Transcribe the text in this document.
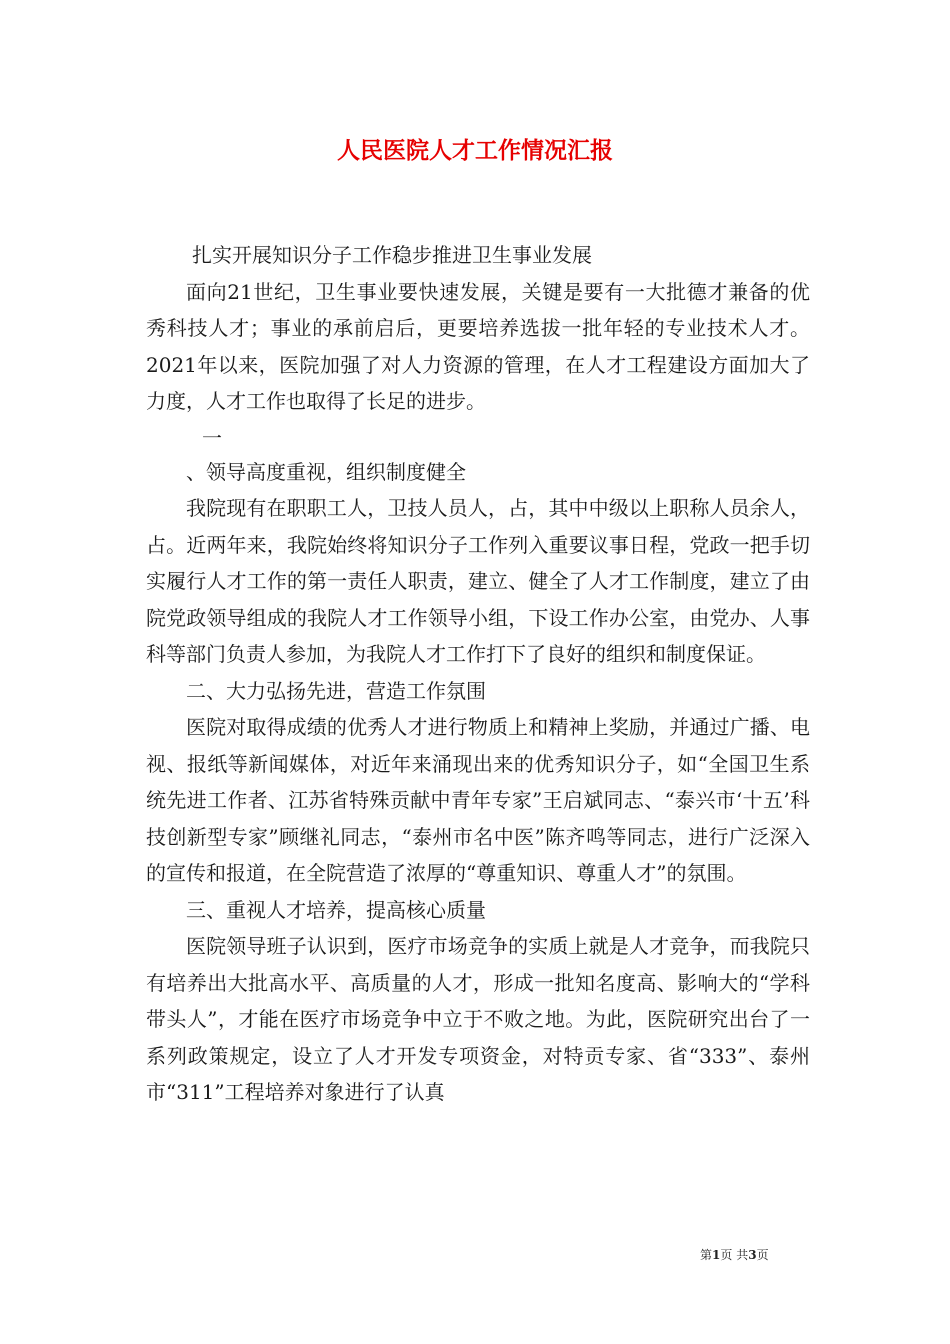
人民医院人才工作情况汇报

扎实开展知识分子工作稳步推进卫生事业发展

面向21世纪，卫生事业要快速发展，关键是要有一大批德才兼备的优秀科技人才；事业的承前启后，更要培养选拔一批年轻的专业技术人才。2021年以来，医院加强了对人力资源的管理，在人才工程建设方面加大了力度，人才工作也取得了长足的进步。

一

、领导高度重视，组织制度健全

我院现有在职职工人，卫技人员人，占，其中中级以上职称人员余人，占。近两年来，我院始终将知识分子工作列入重要议事日程，党政一把手切实履行人才工作的第一责任人职责，建立、健全了人才工作制度，建立了由院党政领导组成的我院人才工作领导小组，下设工作办公室，由党办、人事科等部门负责人参加，为我院人才工作打下了良好的组织和制度保证。

二、大力弘扬先进，营造工作氛围

医院对取得成绩的优秀人才进行物质上和精神上奖励，并通过广播、电视、报纸等新闻媒体，对近年来涌现出来的优秀知识分子，如“全国卫生系统先进工作者、江苏省特殊贡献中青年专家”王启斌同志、“泰兴市‘十五’科技创新型专家”顾继礼同志，“泰州市名中医”陈齐鸣等同志，进行广泛深入的宣传和报道，在全院营造了浓厚的“尊重知识、尊重人才”的氛围。

三、重视人才培养，提高核心质量

医院领导班子认识到，医疗市场竞争的实质上就是人才竞争，而我院只有培养出大批高水平、高质量的人才，形成一批知名度高、影响大的“学科带头人”，才能在医疗市场竞争中立于不败之地。为此，医院研究出台了一系列政策规定，设立了人才开发专项资金，对特贡专家、省“333”、泰州市“311”工程培养对象进行了认真

第1页 共3页
